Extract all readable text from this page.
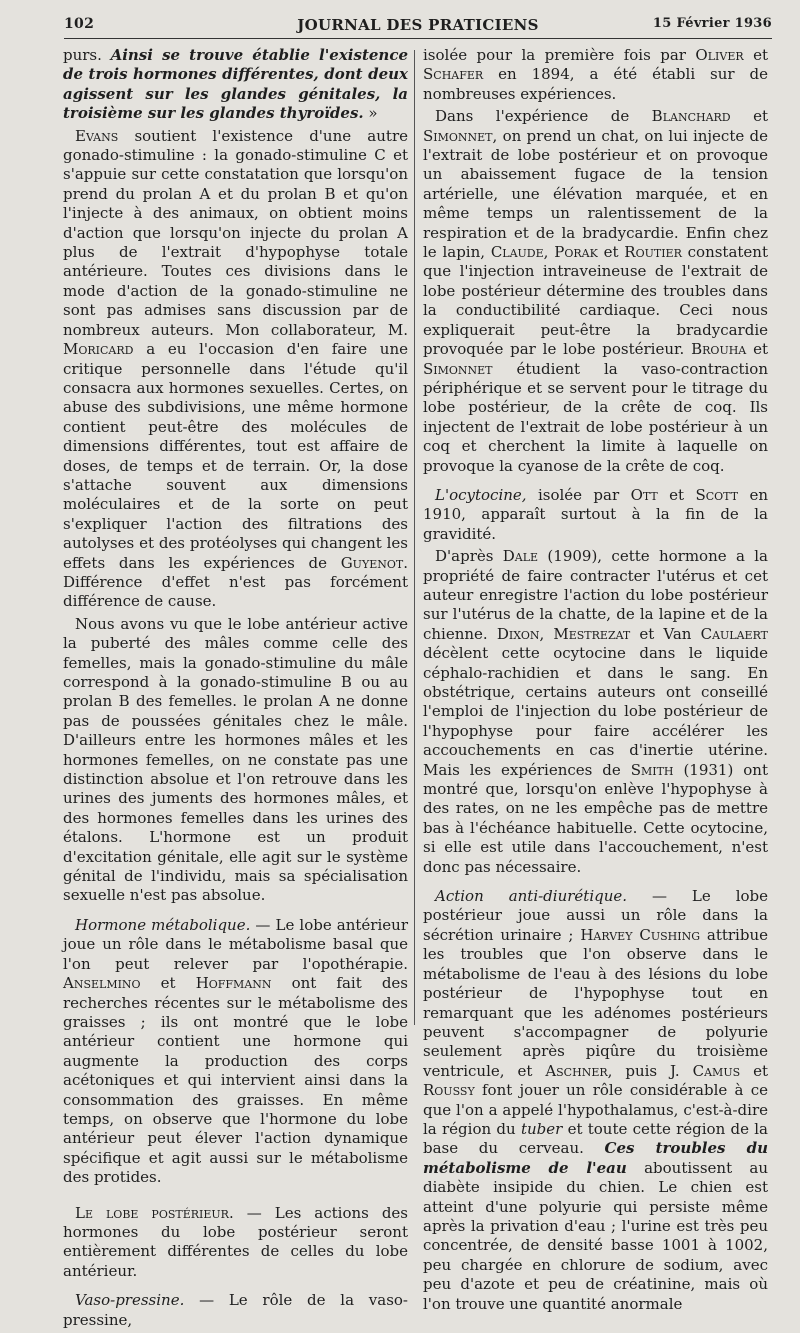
102	JOURNAL DES PRATICIENS	15 Février 1936

purs. Ainsi se trouve établie l'existence de trois hormones différentes, dont deux agissent sur les glandes génitales, la troisième sur les glandes thyroïdes. »

Evans soutient l'existence d'une autre gonado-stimuline : la gonado-stimuline C et s'appuie sur cette constatation que lorsqu'on prend du prolan A et du prolan B et qu'on l'injecte à des animaux, on obtient moins d'action que lorsqu'on injecte du prolan A plus de l'extrait d'hypophyse totale antérieure. Toutes ces divisions dans le mode d'action de la gonado-stimuline ne sont pas admises sans discussion par de nombreux auteurs. Mon collaborateur, M. Moricard a eu l'occasion d'en faire une critique personnelle dans l'étude qu'il consacra aux hormones sexuelles. Certes, on abuse des subdivisions, une même hormone contient peut-être des molécules de dimensions différentes, tout est affaire de doses, de temps et de terrain. Or, la dose s'attache souvent aux dimensions moléculaires et de la sorte on peut s'expliquer l'action des filtrations des autolyses et des protéolyses qui changent les effets dans les expériences de Guyenot. Différence d'effet n'est pas forcément différence de cause.

Nous avons vu que le lobe antérieur active la puberté des mâles comme celle des femelles, mais la gonado-stimuline du mâle correspond à la gonado-stimuline B ou au prolan B des femelles. le prolan A ne donne pas de poussées génitales chez le mâle. D'ailleurs entre les hormones mâles et les hormones femelles, on ne constate pas une distinction absolue et l'on retrouve dans les urines des juments des hormones mâles, et des hormones femelles dans les urines des étalons. L'hormone est un produit d'excitation génitale, elle agit sur le système génital de l'individu, mais sa spécialisation sexuelle n'est pas absolue.

Hormone métabolique. — Le lobe antérieur joue un rôle dans le métabolisme basal que l'on peut relever par l'opothérapie. Anselmino et Hoffmann ont fait des recherches récentes sur le métabolisme des graisses ; ils ont montré que le lobe antérieur contient une hormone qui augmente la production des corps acétoniques et qui intervient ainsi dans la consommation des graisses. En même temps, on observe que l'hormone du lobe antérieur peut élever l'action dynamique spécifique et agit aussi sur le métabolisme des protides.

Le lobe postérieur. — Les actions des hormones du lobe postérieur seront entièrement différentes de celles du lobe antérieur.

Vaso-pressine. — Le rôle de la vaso-pressine,

isolée pour la première fois par Oliver et Schafer en 1894, a été établi sur de nombreuses expériences.

Dans l'expérience de Blanchard et Simonnet, on prend un chat, on lui injecte de l'extrait de lobe postérieur et on provoque un abaissement fugace de la tension artérielle, une élévation marquée, et en même temps un ralentissement de la respiration et de la bradycardie. Enfin chez le lapin, Claude, Porak et Routier constatent que l'injection intraveineuse de l'extrait de lobe postérieur détermine des troubles dans la conductibilité cardiaque. Ceci nous expliquerait peut-être la bradycardie provoquée par le lobe postérieur. Brouha et Simonnet étudient la vaso-contraction périphérique et se servent pour le titrage du lobe postérieur, de la crête de coq. Ils injectent de l'extrait de lobe postérieur à un coq et cherchent la limite à laquelle on provoque la cyanose de la crête de coq.

L'ocytocine, isolée par Ott et Scott en 1910, apparaît surtout à la fin de la gravidité.

D'après Dale (1909), cette hormone a la propriété de faire contracter l'utérus et cet auteur enregistre l'action du lobe postérieur sur l'utérus de la chatte, de la lapine et de la chienne. Dixon, Mestrezat et Van Caulaert décèlent cette ocytocine dans le liquide céphalo-rachidien et dans le sang. En obstétrique, certains auteurs ont conseillé l'emploi de l'injection du lobe postérieur de l'hypophyse pour faire accélérer les accouchements en cas d'inertie utérine. Mais les expériences de Smith (1931) ont montré que, lorsqu'on enlève l'hypophyse à des rates, on ne les empêche pas de mettre bas à l'échéance habituelle. Cette ocytocine, si elle est utile dans l'accouchement, n'est donc pas nécessaire.

Action anti-diurétique. — Le lobe postérieur joue aussi un rôle dans la sécrétion urinaire ; Harvey Cushing attribue les troubles que l'on observe dans le métabolisme de l'eau à des lésions du lobe postérieur de l'hypophyse tout en remarquant que les adénomes postérieurs peuvent s'accompagner de polyurie seulement après piqûre du troisième ventricule, et Aschner, puis J. Camus et Roussy font jouer un rôle considérable à ce que l'on a appelé l'hypothalamus, c'est-à-dire la région du tuber et toute cette région de la base du cerveau. Ces troubles du métabolisme de l'eau aboutissent au diabète insipide du chien. Le chien est atteint d'une polyurie qui persiste même après la privation d'eau ; l'urine est très peu concentrée, de densité basse 1001 à 1002, peu chargée en chlorure de sodium, avec peu d'azote et peu de créatinine, mais où l'on trouve une quantité anormale
